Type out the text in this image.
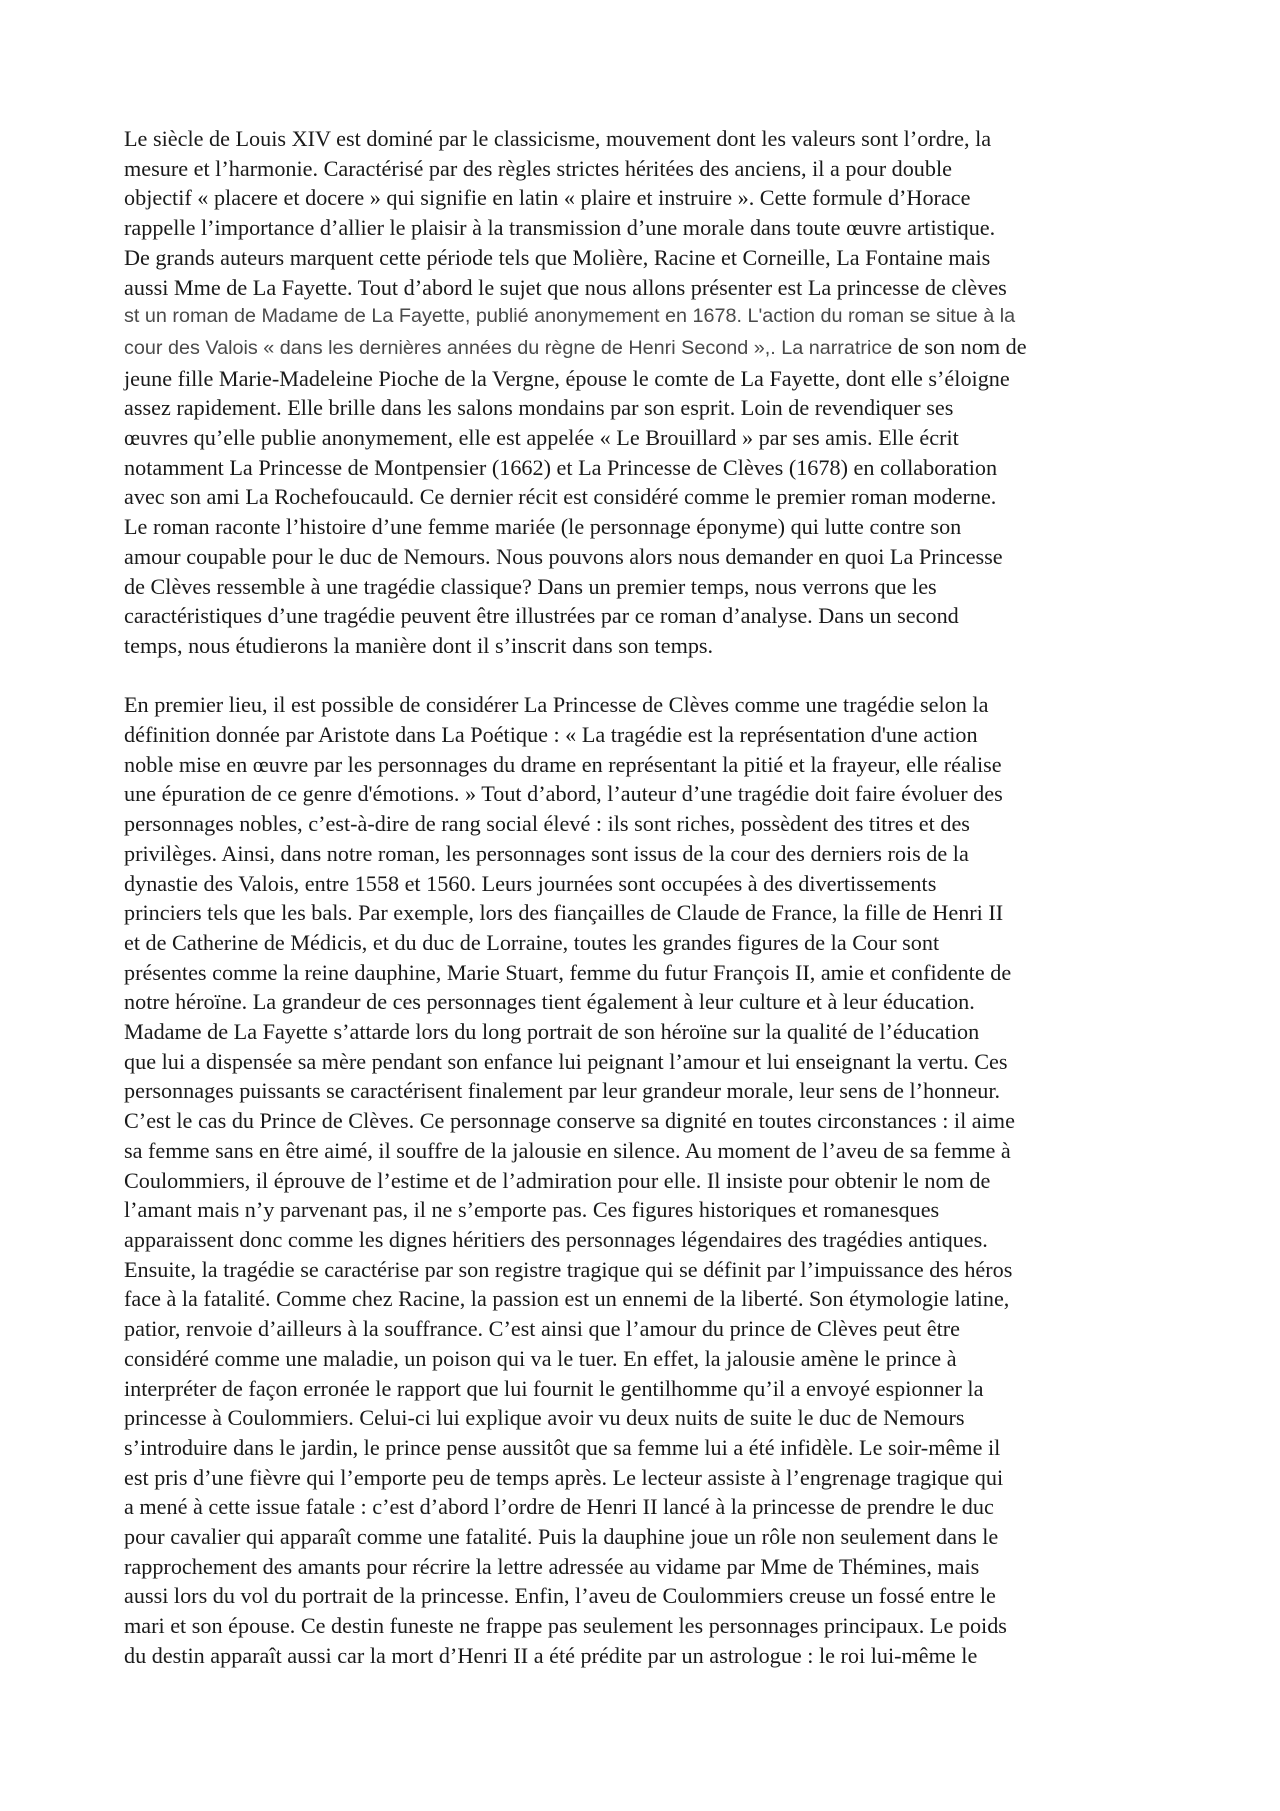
Le siècle de Louis XIV est dominé par le classicisme, mouvement dont les valeurs sont l’ordre, la
mesure et l’harmonie. Caractérisé par des règles strictes héritées des anciens, il a pour double
objectif « placere et docere » qui signifie en latin « plaire et instruire ». Cette formule d’Horace
rappelle l’importance d’allier le plaisir à la transmission d’une morale dans toute œuvre artistique.
De grands auteurs marquent cette période tels que Molière, Racine et Corneille, La Fontaine mais
aussi Mme de La Fayette. Tout d’abord le sujet que nous allons présenter est La princesse de clèves
st un roman de Madame de La Fayette, publié anonymement en 1678. L'action du roman se situe à la
cour des Valois « dans les dernières années du règne de Henri Second »,. La narratrice de son nom de
jeune fille Marie-Madeleine Pioche de la Vergne, épouse le comte de La Fayette, dont elle s’éloigne
assez rapidement. Elle brille dans les salons mondains par son esprit. Loin de revendiquer ses
œuvres qu’elle publie anonymement, elle est appelée « Le Brouillard » par ses amis. Elle écrit
notamment La Princesse de Montpensier (1662) et La Princesse de Clèves (1678) en collaboration
avec son ami La Rochefoucauld. Ce dernier récit est considéré comme le premier roman moderne.
Le roman raconte l’histoire d’une femme mariée (le personnage éponyme) qui lutte contre son
amour coupable pour le duc de Nemours. Nous pouvons alors nous demander en quoi La Princesse
de Clèves ressemble à une tragédie classique? Dans un premier temps, nous verrons que les
caractéristiques d’une tragédie peuvent être illustrées par ce roman d’analyse. Dans un second
temps, nous étudierons la manière dont il s’inscrit dans son temps.

En premier lieu, il est possible de considérer La Princesse de Clèves comme une tragédie selon la
définition donnée par Aristote dans La Poétique : « La tragédie est la représentation d'une action
noble mise en œuvre par les personnages du drame en représentant la pitié et la frayeur, elle réalise
une épuration de ce genre d'émotions. » Tout d’abord, l’auteur d’une tragédie doit faire évoluer des
personnages nobles, c’est-à-dire de rang social élevé : ils sont riches, possèdent des titres et des
privilèges. Ainsi, dans notre roman, les personnages sont issus de la cour des derniers rois de la
dynastie des Valois, entre 1558 et 1560. Leurs journées sont occupées à des divertissements
princiers tels que les bals. Par exemple, lors des fiançailles de Claude de France, la fille de Henri II
et de Catherine de Médicis, et du duc de Lorraine, toutes les grandes figures de la Cour sont
présentes comme la reine dauphine, Marie Stuart, femme du futur François II, amie et confidente de
notre héroïne. La grandeur de ces personnages tient également à leur culture et à leur éducation.
Madame de La Fayette s’attarde lors du long portrait de son héroïne sur la qualité de l’éducation
que lui a dispensée sa mère pendant son enfance lui peignant l’amour et lui enseignant la vertu. Ces
personnages puissants se caractérisent finalement par leur grandeur morale, leur sens de l’honneur.
C’est le cas du Prince de Clèves. Ce personnage conserve sa dignité en toutes circonstances : il aime
sa femme sans en être aimé, il souffre de la jalousie en silence. Au moment de l’aveu de sa femme à
Coulommiers, il éprouve de l’estime et de l’admiration pour elle. Il insiste pour obtenir le nom de
l’amant mais n’y parvenant pas, il ne s’emporte pas. Ces figures historiques et romanesques
apparaissent donc comme les dignes héritiers des personnages légendaires des tragédies antiques.
Ensuite, la tragédie se caractérise par son registre tragique qui se définit par l’impuissance des héros
face à la fatalité. Comme chez Racine, la passion est un ennemi de la liberté. Son étymologie latine,
patior, renvoie d’ailleurs à la souffrance. C’est ainsi que l’amour du prince de Clèves peut être
considéré comme une maladie, un poison qui va le tuer. En effet, la jalousie amène le prince à
interpréter de façon erronée le rapport que lui fournit le gentilhomme qu’il a envoyé espionner la
princesse à Coulommiers. Celui-ci lui explique avoir vu deux nuits de suite le duc de Nemours
s’introduire dans le jardin, le prince pense aussitôt que sa femme lui a été infidèle. Le soir-même il
est pris d’une fièvre qui l’emporte peu de temps après. Le lecteur assiste à l’engrenage tragique qui
a mené à cette issue fatale : c’est d’abord l’ordre de Henri II lancé à la princesse de prendre le duc
pour cavalier qui apparaît comme une fatalité. Puis la dauphine joue un rôle non seulement dans le
rapprochement des amants pour récrire la lettre adressée au vidame par Mme de Thémines, mais
aussi lors du vol du portrait de la princesse. Enfin, l’aveu de Coulommiers creuse un fossé entre le
mari et son épouse. Ce destin funeste ne frappe pas seulement les personnages principaux. Le poids
du destin apparaît aussi car la mort d’Henri II a été prédite par un astrologue : le roi lui-même le
